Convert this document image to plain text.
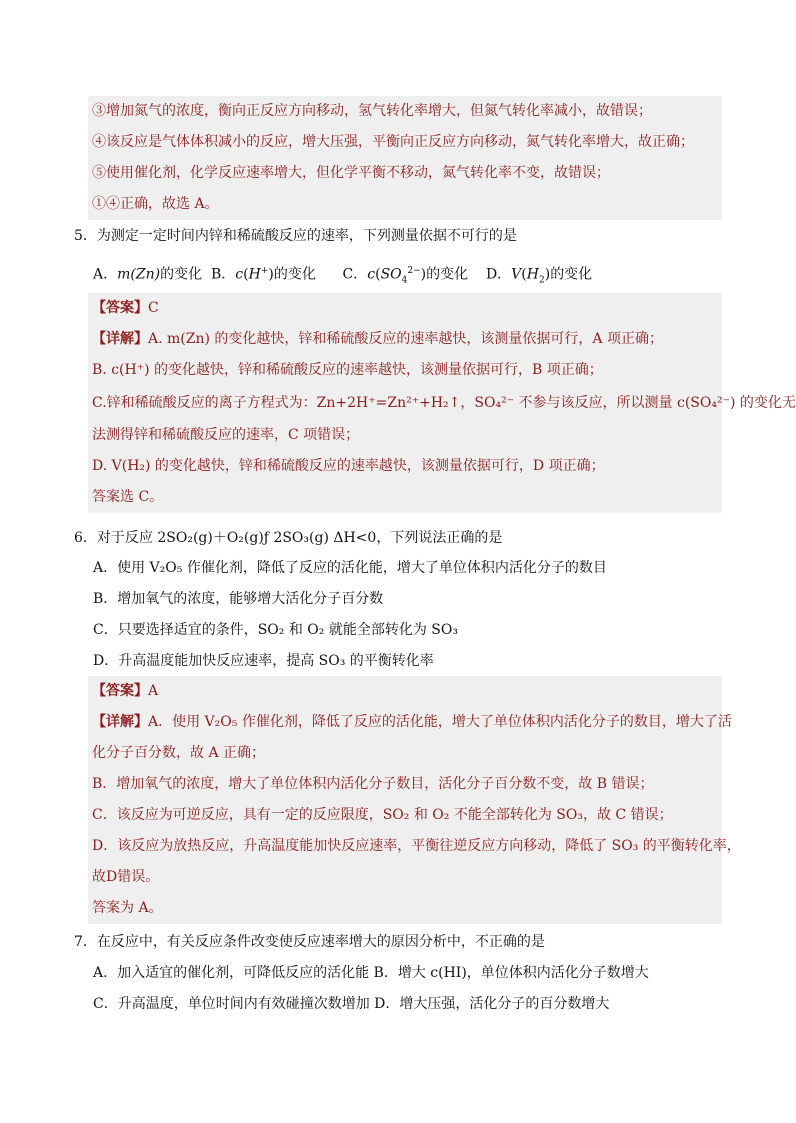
③增加氮气的浓度，衡向正反应方向移动，氢气转化率增大，但氮气转化率减小，故错误；
④该反应是气体体积减小的反应，增大压强，平衡向正反应方向移动，氮气转化率增大，故正确；
⑤使用催化剂，化学反应速率增大，但化学平衡不移动，氮气转化率不变，故错误；
①④正确，故选 A。
5．为测定一定时间内锌和稀硫酸反应的速率，下列测量依据不可行的是
A．m(Zn)的变化 B．c(H+)的变化 C．$c(SO_4^{2-})$的变化 D．$V(H_2)$的变化
【答案】C
【详解】A. m(Zn) 的变化越快，锌和稀硫酸反应的速率越快，该测量依据可行，A 项正确；
B. c(H⁺) 的变化越快，锌和稀硫酸反应的速率越快，该测量依据可行，B 项正确；
C.锌和稀硫酸反应的离子方程式为：Zn+2H⁺=Zn²⁺+H₂↑，SO₄²⁻ 不参与该反应，所以测量 c(SO₄²⁻) 的变化无
法测得锌和稀硫酸反应的速率，C 项错误；
D. V(H₂) 的变化越快，锌和稀硫酸反应的速率越快，该测量依据可行，D 项正确；
答案选 C。
6．对于反应 2SO₂(g)＋O₂(g)ƒ 2SO₃(g) ΔH<0，下列说法正确的是
A．使用 V₂O₅ 作催化剂，降低了反应的活化能，增大了单位体积内活化分子的数目
B．增加氧气的浓度，能够增大活化分子百分数
C．只要选择适宜的条件，SO₂ 和 O₂ 就能全部转化为 SO₃
D．升高温度能加快反应速率，提高 SO₃ 的平衡转化率
【答案】A
【详解】A．使用 V₂O₅ 作催化剂，降低了反应的活化能，增大了单位体积内活化分子的数目，增大了活
化分子百分数，故 A 正确；
B．增加氧气的浓度，增大了单位体积内活化分子数目，活化分子百分数不变，故 B 错误；
C．该反应为可逆反应，具有一定的反应限度，SO₂ 和 O₂ 不能全部转化为 SO₃，故 C 错误；
D．该反应为放热反应，升高温度能加快反应速率，平衡往逆反应方向移动，降低了 SO₃ 的平衡转化率，
故D错误。
答案为 A。
7．在反应中，有关反应条件改变使反应速率增大的原因分析中，不正确的是
A．加入适宜的催化剂，可降低反应的活化能 B．增大 c(HI)，单位体积内活化分子数增大
C．升高温度，单位时间内有效碰撞次数增加 D．增大压强，活化分子的百分数增大
